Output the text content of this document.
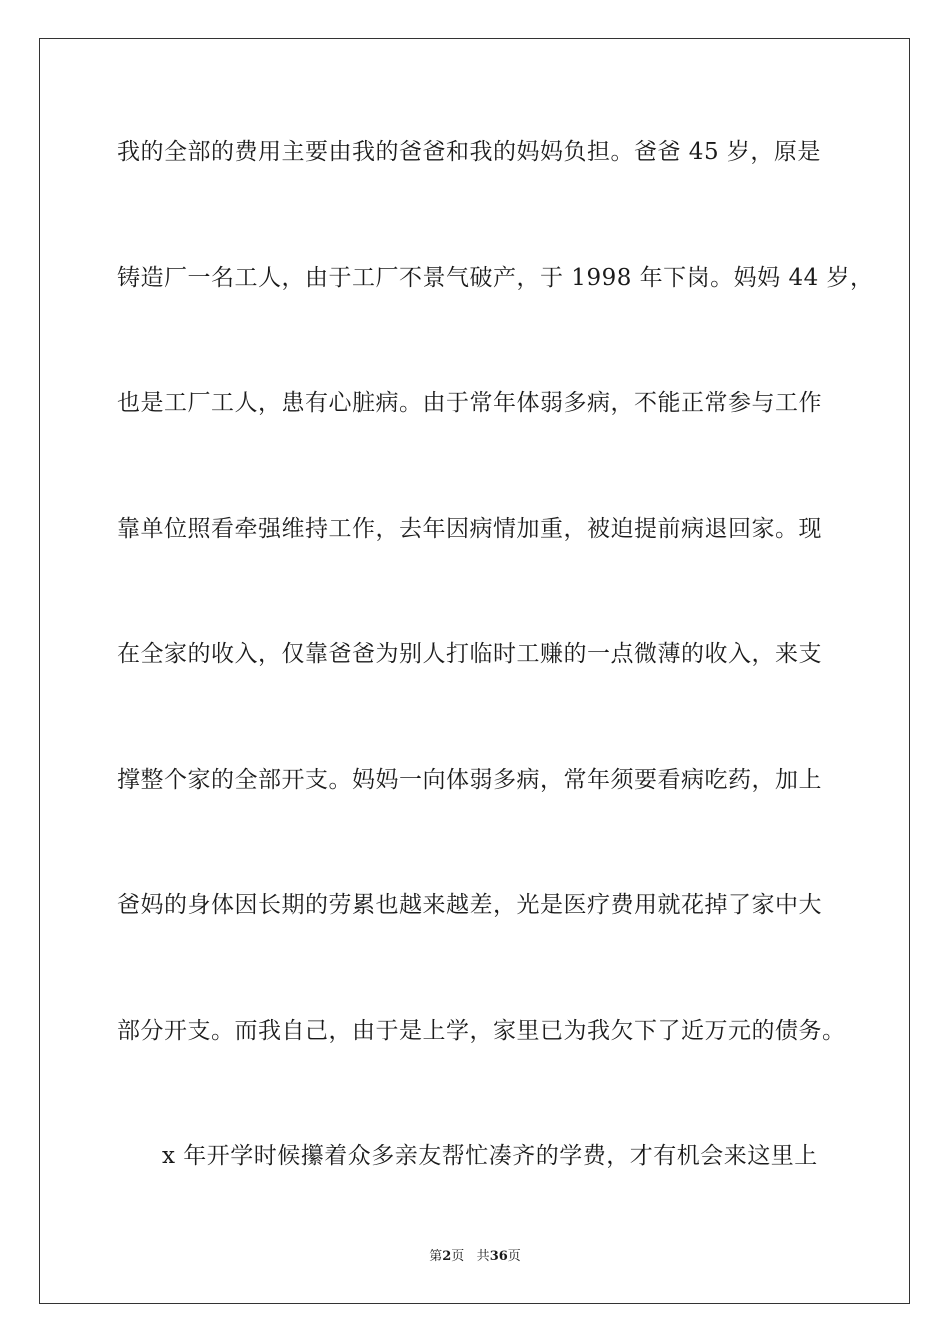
我的全部的费用主要由我的爸爸和我的妈妈负担。爸爸 45 岁，原是
铸造厂一名工人，由于工厂不景气破产，于 1998 年下岗。妈妈 44 岁，
也是工厂工人，患有心脏病。由于常年体弱多病，不能正常参与工作
靠单位照看牵强维持工作，去年因病情加重，被迫提前病退回家。现
在全家的收入，仅靠爸爸为别人打临时工赚的一点微薄的收入，来支
撑整个家的全部开支。妈妈一向体弱多病，常年须要看病吃药，加上
爸妈的身体因长期的劳累也越来越差，光是医疗费用就花掉了家中大
部分开支。而我自己，由于是上学，家里已为我欠下了近万元的债务。
x 年开学时候攥着众多亲友帮忙凑齐的学费，才有机会来这里上
第2页 共36页
